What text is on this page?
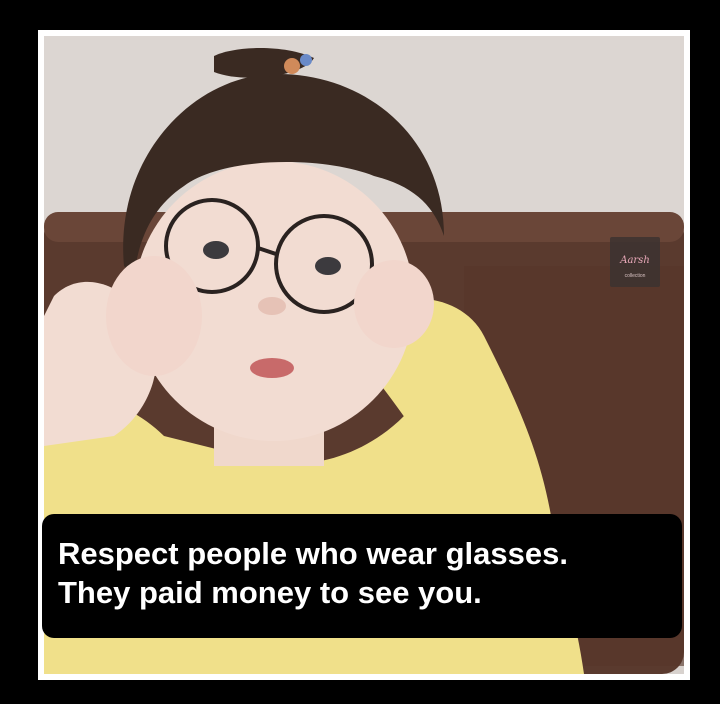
Aarsh
collection
Respect people who wear glasses.
They paid money to see you.
